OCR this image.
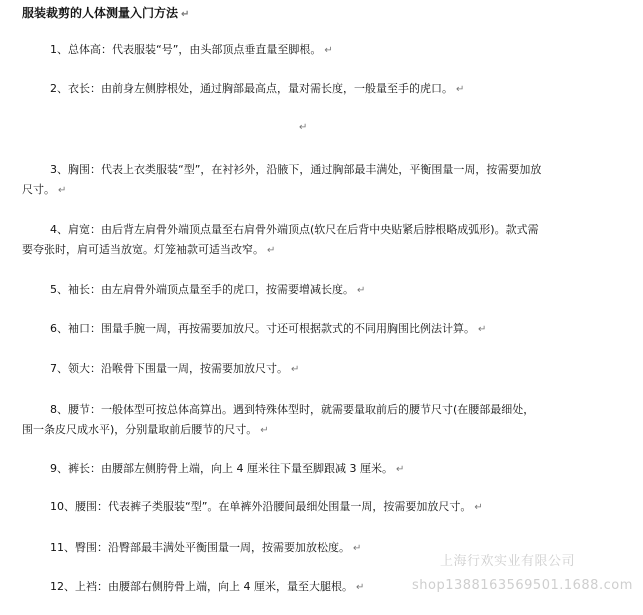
服装裁剪的人体测量入门方法 ↵
1、总体高：代表服装“号”，由头部顶点垂直量至脚根。 ↵
2、衣长：由前身左侧脖根处，通过胸部最高点，量对需长度，一般量至手的虎口。 ↵
↵
3、胸围：代表上衣类服装“型”，在衬衫外，沿腋下，通过胸部最丰满处，平衡围量一周，按需要加放
尺寸。 ↵
4、肩宽：由后背左肩骨外端顶点量至右肩骨外端顶点(软尺在后背中央贴紧后脖根略成弧形)。款式需
要夸张时，肩可适当放宽。灯笼袖款可适当改窄。 ↵
5、袖长：由左肩骨外端顶点量至手的虎口，按需要增减长度。 ↵
6、袖口：围量手腕一周，再按需要加放尺。寸还可根据款式的不同用胸围比例法计算。 ↵
7、领大：沿喉骨下围量一周，按需要加放尺寸。 ↵
8、腰节：一般体型可按总体高算出。遇到特殊体型时，就需要量取前后的腰节尺寸(在腰部最细处，
围一条皮尺成水平)，分别量取前后腰节的尺寸。 ↵
9、裤长：由腰部左侧胯骨上端，向上 4 厘米往下量至脚跟减 3 厘米。 ↵
10、腰围：代表裤子类服装“型”。在单裤外沿腰间最细处围量一周，按需要加放尺寸。 ↵
11、臀围：沿臀部最丰满处平衡围量一周，按需要加放松度。 ↵
12、上裆：由腰部右侧胯骨上端，向上 4 厘米，量至大腿根。 ↵
上海行欢实业有限公司
shop1388163569501.1688.com
